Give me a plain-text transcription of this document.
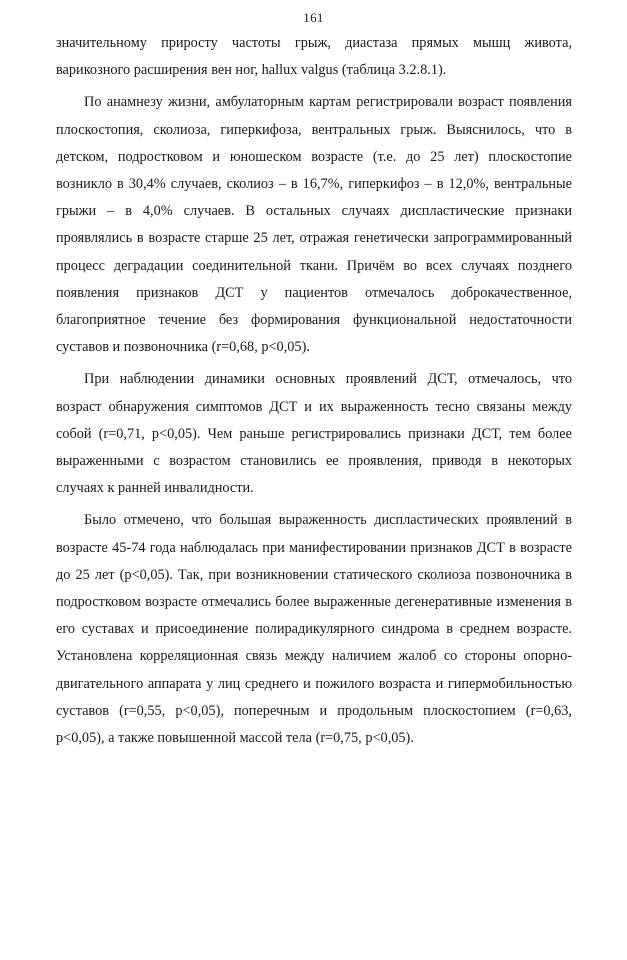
161

значительному приросту частоты грыж, диастаза прямых мышц живота, варикозного расширения вен ног, hallux valgus (таблица 3.2.8.1).

По анамнезу жизни, амбулаторным картам регистрировали возраст появления плоскостопия, сколиоза, гиперкифоза, вентральных грыж. Выяснилось, что в детском, подростковом и юношеском возрасте (т.е. до 25 лет) плоскостопие возникло в 30,4% случаев, сколиоз – в 16,7%, гиперкифоз – в 12,0%, вентральные грыжи – в 4,0% случаев. В остальных случаях диспластические признаки проявлялись в возрасте старше 25 лет, отражая генетически запрограммированный процесс деградации соединительной ткани. Причём во всех случаях позднего появления признаков ДСТ у пациентов отмечалось доброкачественное, благоприятное течение без формирования функциональной недостаточности суставов и позвоночника (r=0,68, p<0,05).

При наблюдении динамики основных проявлений ДСТ, отмечалось, что возраст обнаружения симптомов ДСТ и их выраженность тесно связаны между собой (r=0,71, p<0,05). Чем раньше регистрировались признаки ДСТ, тем более выраженными с возрастом становились ее проявления, приводя в некоторых случаях к ранней инвалидности.

Было отмечено, что большая выраженность диспластических проявлений в возрасте 45-74 года наблюдалась при манифестировании признаков ДСТ в возрасте до 25 лет (p<0,05). Так, при возникновении статического сколиоза позвоночника в подростковом возрасте отмечались более выраженные дегенеративные изменения в его суставах и присоединение полирадикулярного синдрома в среднем возрасте. Установлена корреляционная связь между наличием жалоб со стороны опорно-двигательного аппарата у лиц среднего и пожилого возраста и гипермобильностью суставов (r=0,55, p<0,05), поперечным и продольным плоскостопием (r=0,63, p<0,05), а также повышенной массой тела (r=0,75, p<0,05).
